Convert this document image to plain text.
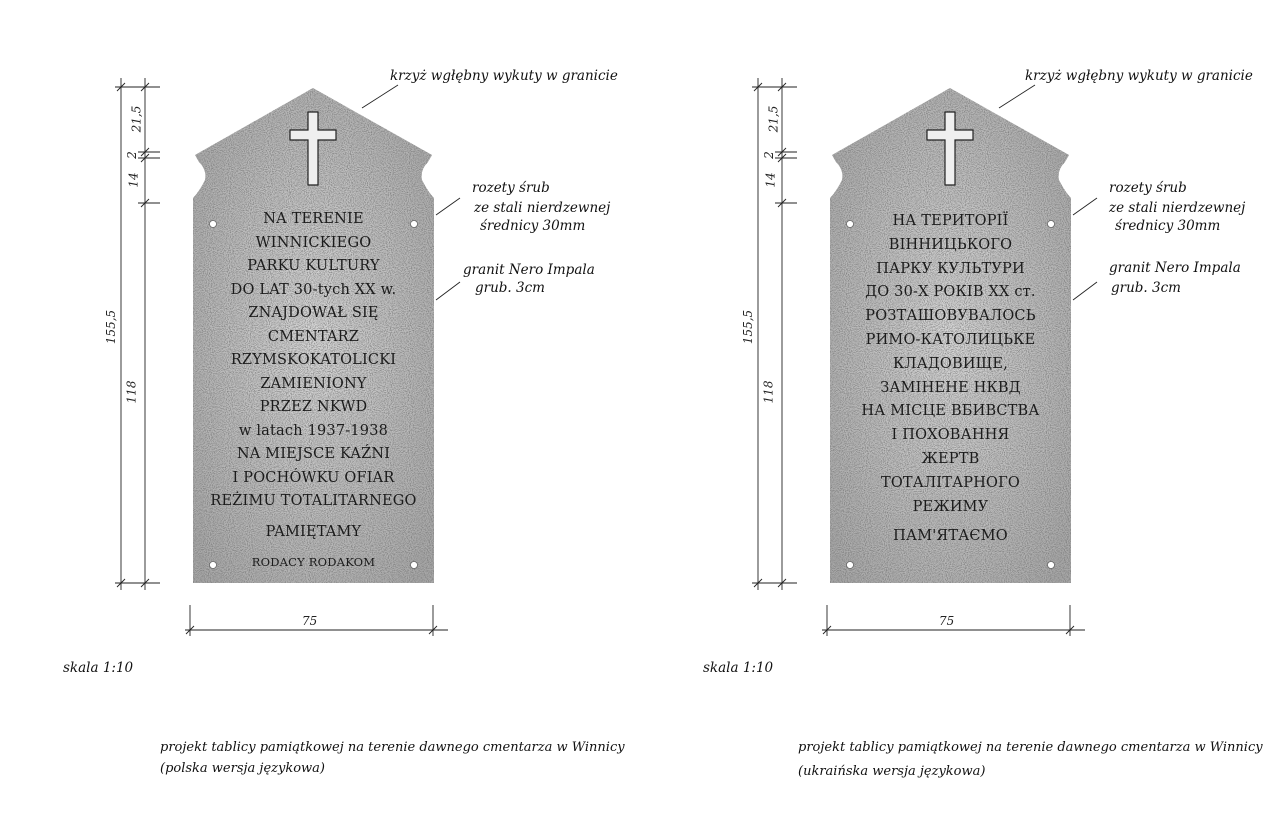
21,5
2
14
118
155,5
75
krzyż wgłębny wykuty w granicie
rozety śrub
ze stali nierdzewnej
średnicy 30mm
granit Nero Impala
grub. 3cm
NA TERENIE
WINNICKIEGO
PARKU KULTURY
DO LAT 30-tych XX w.
ZNAJDOWAŁ SIĘ
CMENTARZ
RZYMSKOKATOLICKI
ZAMIENIONY
PRZEZ NKWD
w latach 1937-1938
NA MIEJSCE KAŹNI
I POCHÓWKU OFIAR
REŻIMU TOTALITARNEGO
PAMIĘTAMY
RODACY RODAKOM
skala 1:10
projekt tablicy pamiątkowej na terenie dawnego cmentarza w Winnicy
(polska wersja językowa)
21,5
2
14
118
155,5
75
krzyż wgłębny wykuty w granicie
rozety śrub
ze stali nierdzewnej
średnicy 30mm
granit Nero Impala
grub. 3cm
НА ТЕРИТОРІЇ
ВІННИЦЬКОГО
ПАРКУ КУЛЬТУРИ
ДО 30-Х РОКІВ ХХ ст.
РОЗТАШОВУВАЛОСЬ
РИМО-КАТОЛИЦЬКЕ
КЛАДОВИЩЕ,
ЗАМІНЕНЕ НКВД
НА МІСЦЕ ВБИВСТВА
І ПОХОВАННЯ
ЖЕРТВ
ТОТАЛІТАРНОГО
РЕЖИМУ
ПАМ'ЯТАЄМО
skala 1:10
projekt tablicy pamiątkowej na terenie dawnego cmentarza w Winnicy
(ukraińska wersja językowa)
